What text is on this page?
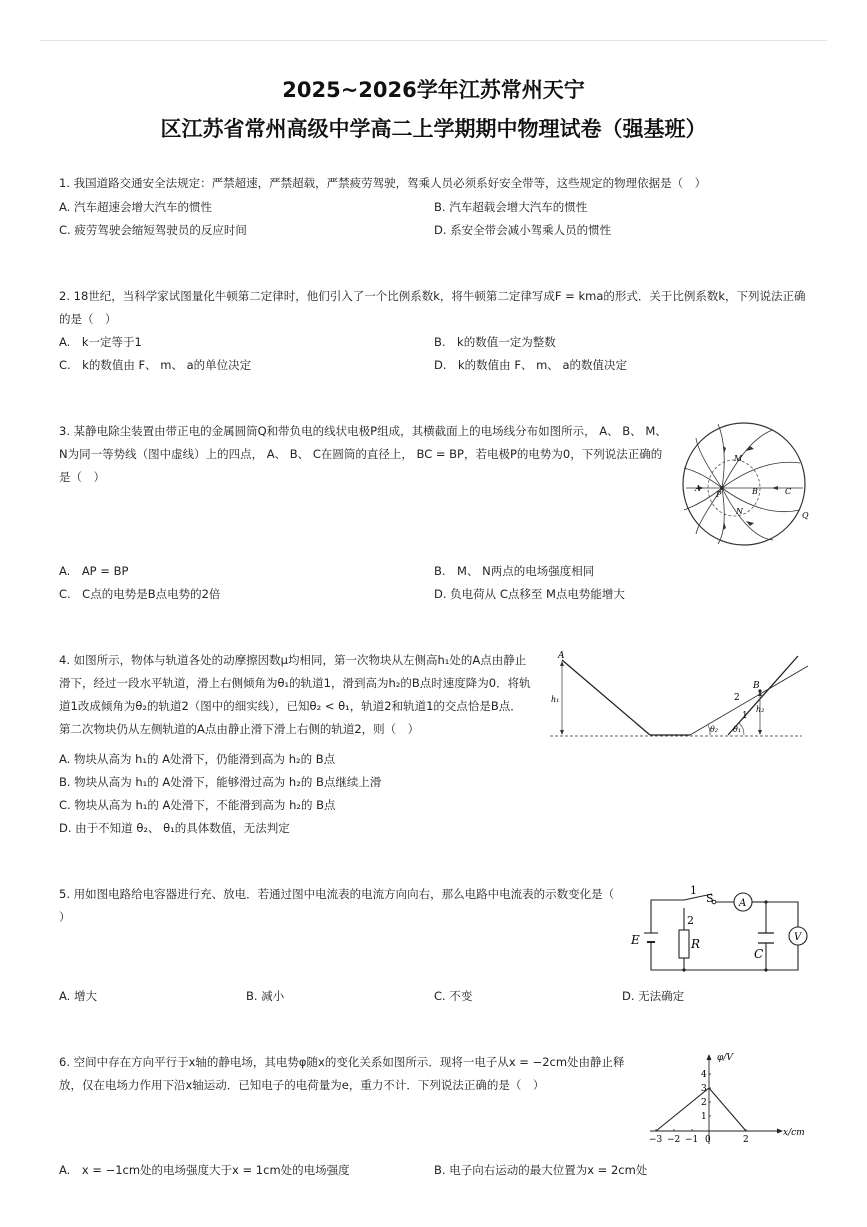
2025~2026学年江苏常州天宁
区江苏省常州高级中学高二上学期期中物理试卷（强基班）
1. 我国道路交通安全法规定：严禁超速，严禁超载，严禁疲劳驾驶，驾乘人员必须系好安全带等，这些规定的物理依据是（　）
A. 汽车超速会增大汽车的惯性	B. 汽车超载会增大汽车的惯性
C. 疲劳驾驶会缩短驾驶员的反应时间	D. 系安全带会减小驾乘人员的惯性
2. 18世纪，当科学家试图量化牛顿第二定律时，他们引入了一个比例系数k，将牛顿第二定律写成F = kma的形式．关于比例系数k，下列说法正确
的是（　）
A.　k一定等于1	B.　k的数值一定为整数
C.　k的数值由 F、 m、 a的单位决定	D.　k的数值由 F、 m、 a的数值决定
3. 某静电除尘装置由带正电的金属圆筒Q和带负电的线状电极P组成，其横截面上的电场线分布如图所示， A、 B、 M、
N为同一等势线（图中虚线）上的四点， A、 B、 C在圆筒的直径上， BC = BP，若电极P的电势为0，下列说法正确的
是（　）
M
A
P	B	C
N	Q
A.　AP = BP	B.　M、 N两点的电场强度相同
C.　C点的电势是B点电势的2倍	D. 负电荷从 C点移至 M点电势能增大
4. 如图所示，物体与轨道各处的动摩擦因数μ均相同，第一次物块从左侧高h₁处的A点由静止
滑下，经过一段水平轨道，滑上右侧倾角为θ₁的轨道1，滑到高为h₂的B点时速度降为0．将轨
道1改成倾角为θ₂的轨道2（图中的细实线），已知θ₂ < θ₁，轨道2和轨道1的交点恰是B点．
第二次物块仍从左侧轨道的A点由静止滑下滑上右侧的轨道2，则（　）
A
h₁
B
h₂
2
1
θ₂ θ₁
A. 物块从高为 h₁的 A处滑下，仍能滑到高为 h₂的 B点
B. 物块从高为 h₁的 A处滑下，能够滑过高为 h₂的 B点继续上滑
C. 物块从高为 h₁的 A处滑下，不能滑到高为 h₂的 B点
D. 由于不知道 θ₂、 θ₁的具体数值，无法判定
5. 用如图电路给电容器进行充、放电．若通过图中电流表的电流方向向右，那么电路中电流表的示数变化是（
）
1
S	A
2
R
E
C
V
A. 增大	B. 减小	C. 不变	D. 无法确定
6. 空间中存在方向平行于x轴的静电场，其电势φ随x的变化关系如图所示．现将一电子从x = −2cm处由静止释
放，仅在电场力作用下沿x轴运动．已知电子的电荷量为e，重力不计．下列说法正确的是（　）
φ/V
x/cm
4
3
2
1
−3 −2 −1 0	2
A.　x = −1cm处的电场强度大于x = 1cm处的电场强度	B. 电子向右运动的最大位置为x = 2cm处
